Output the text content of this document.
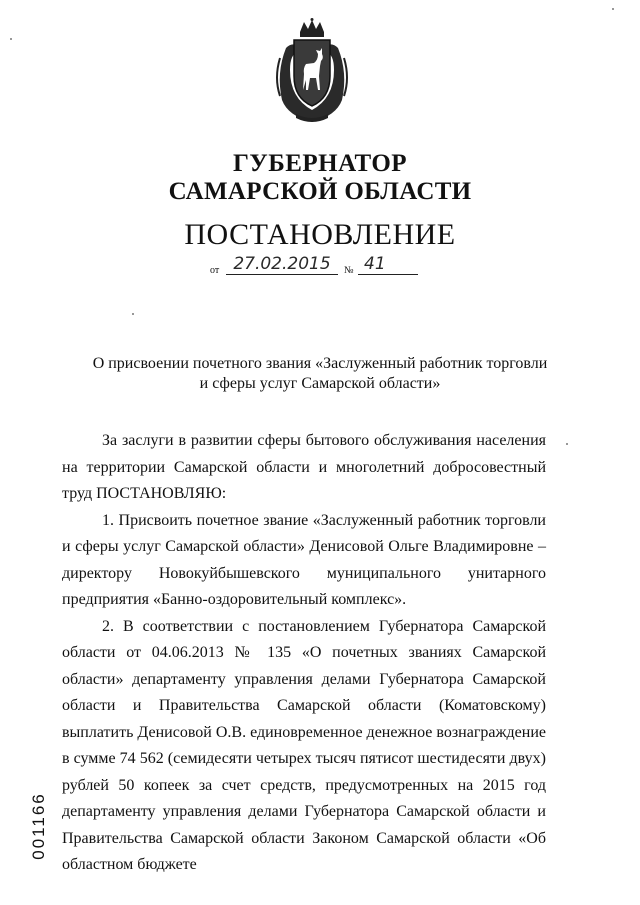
ГУБЕРНАТОР
САМАРСКОЙ ОБЛАСТИ
ПОСТАНОВЛЕНИЕ
от 27.02.2015	№ 41
О присвоении почетного звания «Заслуженный работник торговли
и сферы услуг Самарской области»

За заслуги в развитии сферы бытового обслуживания населения на территории Самарской области и многолетний добросовестный труд ПОСТАНОВЛЯЮ:

1. Присвоить почетное звание «Заслуженный работник торговли и сферы услуг Самарской области» Денисовой Ольге Владимировне – директору Новокуйбышевского муниципального унитарного предприятия «Банно-оздоровительный комплекс».

2. В соответствии с постановлением Губернатора Самарской области от 04.06.2013 № 135 «О почетных званиях Самарской области» департаменту управления делами Губернатора Самарской области и Правительства Самарской области (Коматовскому) выплатить Денисовой О.В. единовременное денежное вознаграждение в сумме 74 562 (семидесяти четырех тысяч пятисот шестидесяти двух) рублей 50 копеек за счет средств, предусмотренных на 2015 год департаменту управления делами Губернатора Самарской области и Правительства Самарской области Законом Самарской области «Об областном бюджете

001166
